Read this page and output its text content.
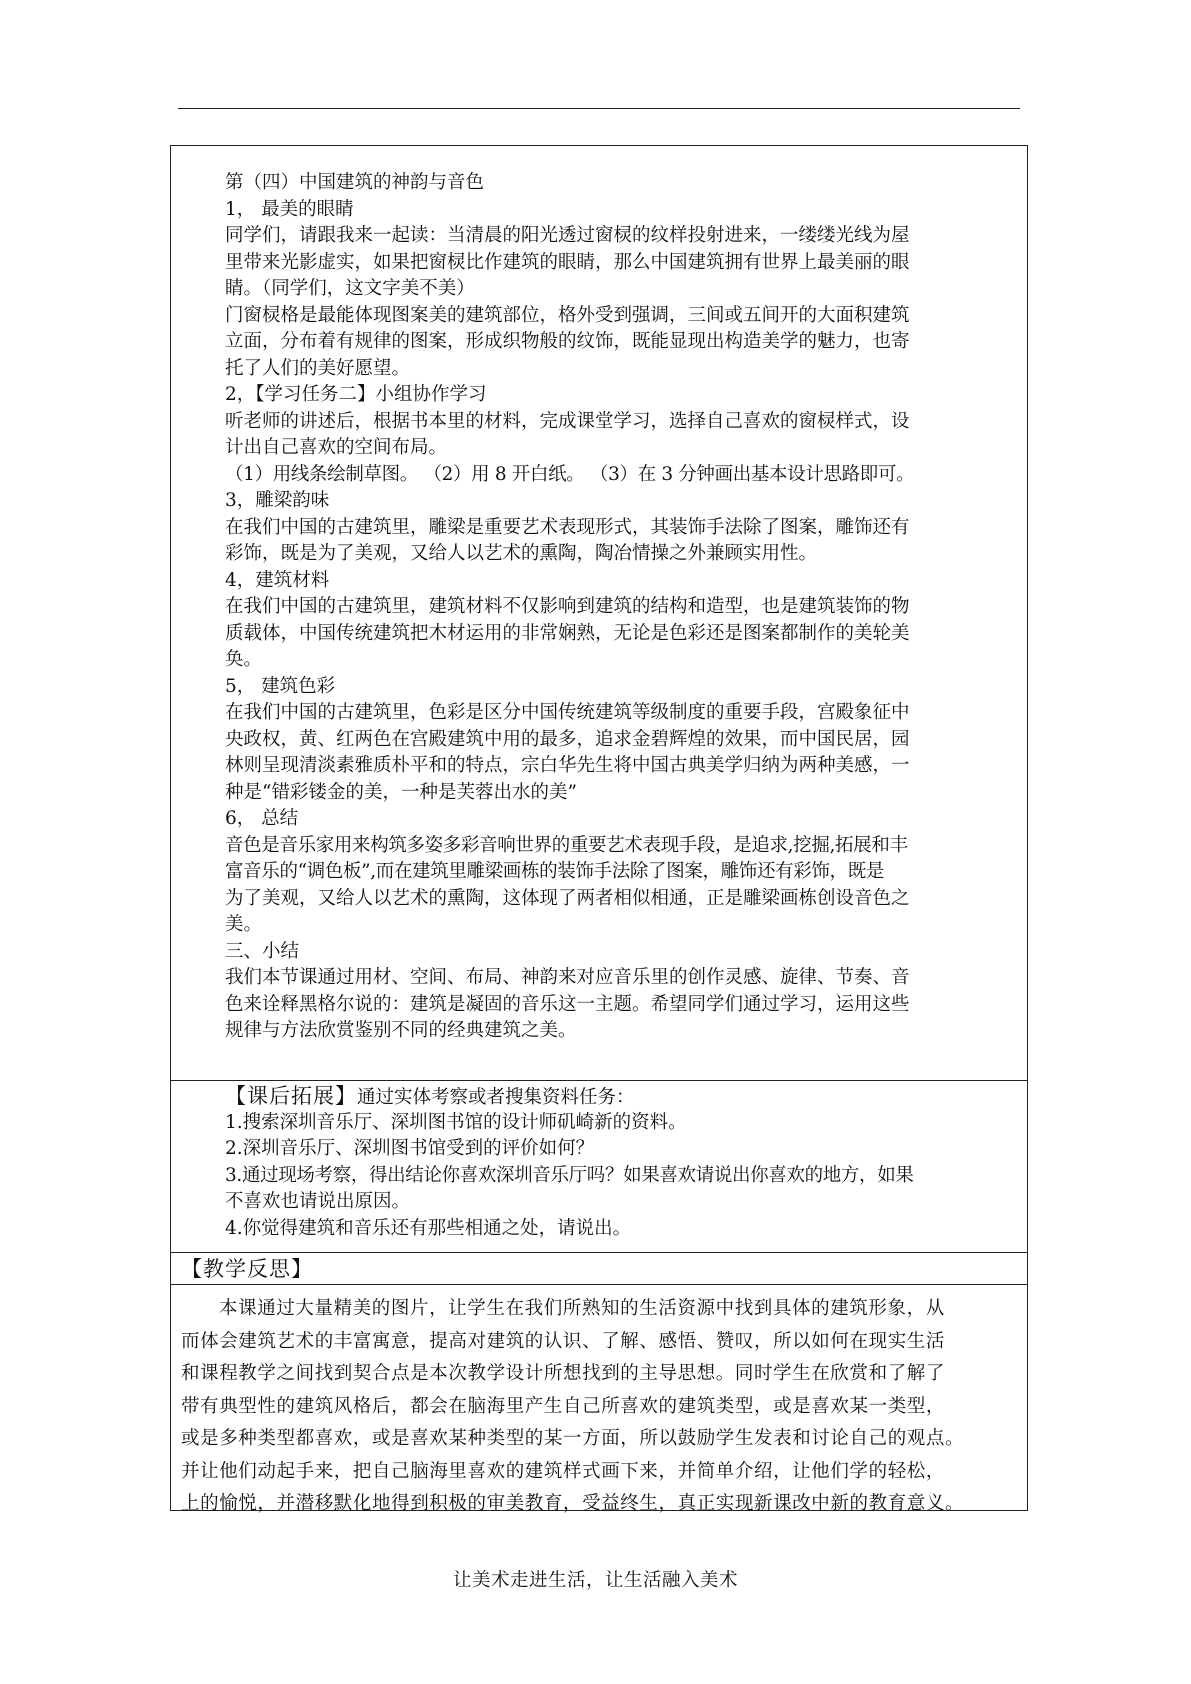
第（四）中国建筑的神韵与音色
1， 最美的眼睛
同学们，请跟我来一起读：当清晨的阳光透过窗棂的纹样投射进来，一缕缕光线为屋
里带来光影虚实，如果把窗棂比作建筑的眼睛，那么中国建筑拥有世界上最美丽的眼
睛。（同学们，这文字美不美）
门窗棂格是最能体现图案美的建筑部位，格外受到强调，三间或五间开的大面积建筑
立面，分布着有规律的图案，形成织物般的纹饰，既能显现出构造美学的魅力，也寄
托了人们的美好愿望。
2，【学习任务二】小组协作学习
听老师的讲述后，根据书本里的材料，完成课堂学习，选择自己喜欢的窗棂样式，设
计出自己喜欢的空间布局。
（1）用线条绘制草图。 （2）用 8 开白纸。 （3）在 3 分钟画出基本设计思路即可。
3，雕梁韵味
在我们中国的古建筑里，雕梁是重要艺术表现形式，其装饰手法除了图案，雕饰还有
彩饰，既是为了美观，又给人以艺术的熏陶，陶冶情操之外兼顾实用性。
4，建筑材料
在我们中国的古建筑里，建筑材料不仅影响到建筑的结构和造型，也是建筑装饰的物
质载体，中国传统建筑把木材运用的非常娴熟，无论是色彩还是图案都制作的美轮美
奂。
5， 建筑色彩
在我们中国的古建筑里，色彩是区分中国传统建筑等级制度的重要手段，宫殿象征中
央政权，黄、红两色在宫殿建筑中用的最多，追求金碧辉煌的效果，而中国民居，园
林则呈现清淡素雅质朴平和的特点，宗白华先生将中国古典美学归纳为两种美感，一
种是“错彩镂金的美，一种是芙蓉出水的美”
6， 总结
音色是音乐家用来构筑多姿多彩音响世界的重要艺术表现手段，是追求,挖掘,拓展和丰
富音乐的“调色板”,而在建筑里雕梁画栋的装饰手法除了图案，雕饰还有彩饰，既是
为了美观，又给人以艺术的熏陶，这体现了两者相似相通，正是雕梁画栋创设音色之
美。
三、小结
我们本节课通过用材、空间、布局、神韵来对应音乐里的创作灵感、旋律、节奏、音
色来诠释黑格尔说的：建筑是凝固的音乐这一主题。希望同学们通过学习，运用这些
规律与方法欣赏鉴别不同的经典建筑之美。
【课后拓展】通过实体考察或者搜集资料任务：
1.搜索深圳音乐厅、深圳图书馆的设计师矶崎新的资料。
2.深圳音乐厅、深圳图书馆受到的评价如何？
3.通过现场考察，得出结论你喜欢深圳音乐厅吗？如果喜欢请说出你喜欢的地方，如果
不喜欢也请说出原因。
4.你觉得建筑和音乐还有那些相通之处，请说出。
【教学反思】
本课通过大量精美的图片，让学生在我们所熟知的生活资源中找到具体的建筑形象，从
而体会建筑艺术的丰富寓意，提高对建筑的认识、了解、感悟、赞叹，所以如何在现实生活
和课程教学之间找到契合点是本次教学设计所想找到的主导思想。同时学生在欣赏和了解了
带有典型性的建筑风格后，都会在脑海里产生自己所喜欢的建筑类型，或是喜欢某一类型，
或是多种类型都喜欢，或是喜欢某种类型的某一方面，所以鼓励学生发表和讨论自己的观点。
并让他们动起手来，把自己脑海里喜欢的建筑样式画下来，并简单介绍，让他们学的轻松，
上的愉悦，并潜移默化地得到积极的审美教育，受益终生，真正实现新课改中新的教育意义。
让美术走进生活，让生活融入美术
